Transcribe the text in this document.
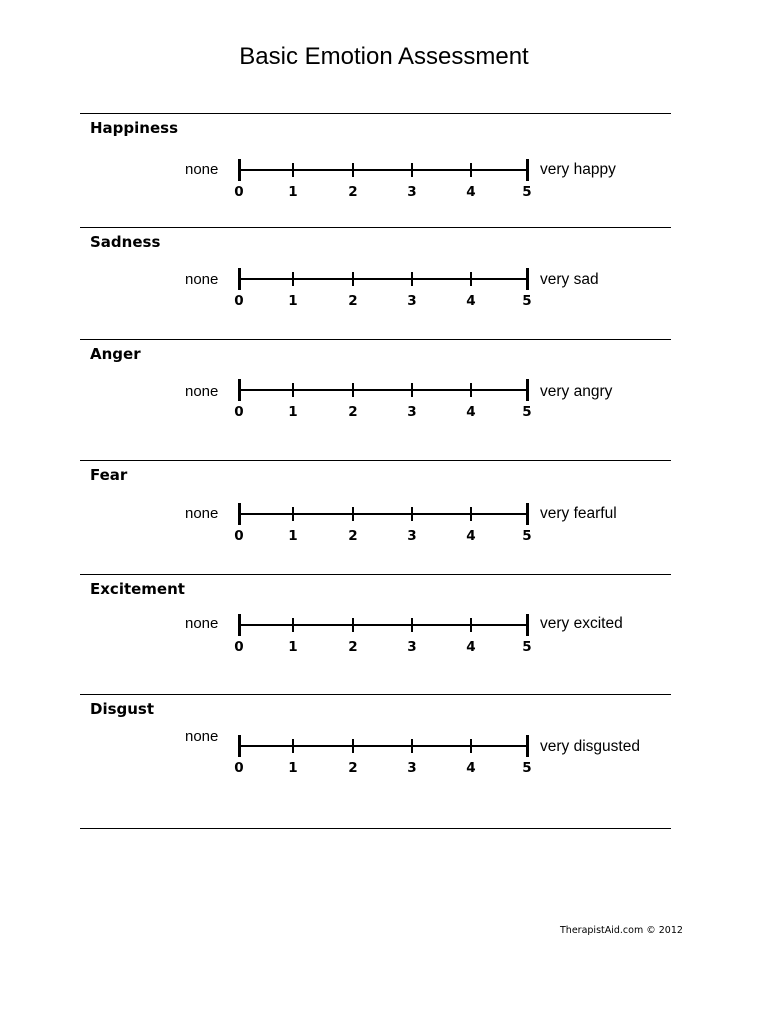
Basic Emotion Assessment
Happiness
none	very happy
0	1	2	3	4	5
Sadness
none	very sad
0	1	2	3	4	5
Anger
none	very angry
0	1	2	3	4	5
Fear
none	very fearful
0	1	2	3	4	5
Excitement
none	very excited
0	1	2	3	4	5
Disgust
none
very disgusted
0	1	2	3	4	5
TherapistAid.com © 2012
